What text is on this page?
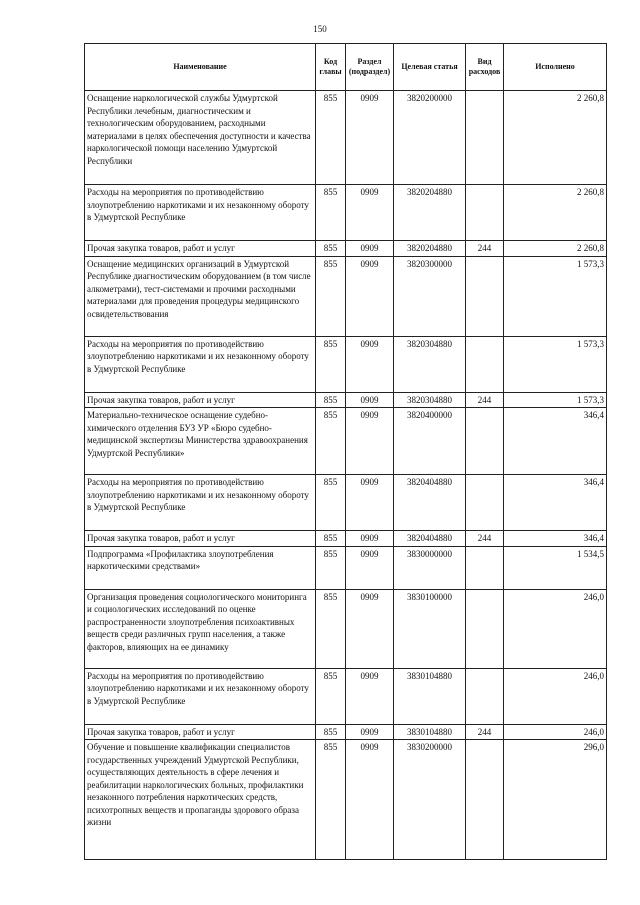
150
Наименование	Код главы	Раздел (подраздел)	Целевая статья	Вид расходов	Исполнено
Оснащение наркологической службы Удмуртской Республики лечебным, диагностическим и технологическим оборудованием, расходными материалами в целях обеспечения доступности и качества наркологической помощи населению Удмуртской Республики	855	0909	3820200000		2 260,8
Расходы на мероприятия по противодействию злоупотреблению наркотиками и их незаконному обороту в Удмуртской Республике	855	0909	3820204880		2 260,8
Прочая закупка товаров, работ и услуг	855	0909	3820204880	244	2 260,8
Оснащение медицинских организаций в Удмуртской Республике диагностическим оборудованием (в том числе алкометрами), тест-системами и прочими расходными материалами для проведения процедуры медицинского освидетельствования	855	0909	3820300000		1 573,3
Расходы на мероприятия по противодействию злоупотреблению наркотиками и их незаконному обороту в Удмуртской Республике	855	0909	3820304880		1 573,3
Прочая закупка товаров, работ и услуг	855	0909	3820304880	244	1 573,3
Материально-техническое оснащение судебно-химического отделения БУЗ УР «Бюро судебно-медицинской экспертизы Министерства здравоохранения Удмуртской Республики»	855	0909	3820400000		346,4
Расходы на мероприятия по противодействию злоупотреблению наркотиками и их незаконному обороту в Удмуртской Республике	855	0909	3820404880		346,4
Прочая закупка товаров, работ и услуг	855	0909	3820404880	244	346,4
Подпрограмма «Профилактика злоупотребления наркотическими средствами»	855	0909	3830000000		1 534,5
Организация проведения социологического мониторинга и социологических исследований по оценке распространенности злоупотребления психоактивных веществ среди различных групп населения, а также факторов, влияющих на ее динамику	855	0909	3830100000		246,0
Расходы на мероприятия по противодействию злоупотреблению наркотиками и их незаконному обороту в Удмуртской Республике	855	0909	3830104880		246,0
Прочая закупка товаров, работ и услуг	855	0909	3830104880	244	246,0
Обучение и повышение квалификации специалистов государственных учреждений Удмуртской Республики, осуществляющих деятельность в сфере лечения и реабилитации наркологических больных, профилактики незаконного потребления наркотических средств, психотропных веществ и пропаганды здорового образа жизни	855	0909	3830200000		296,0
